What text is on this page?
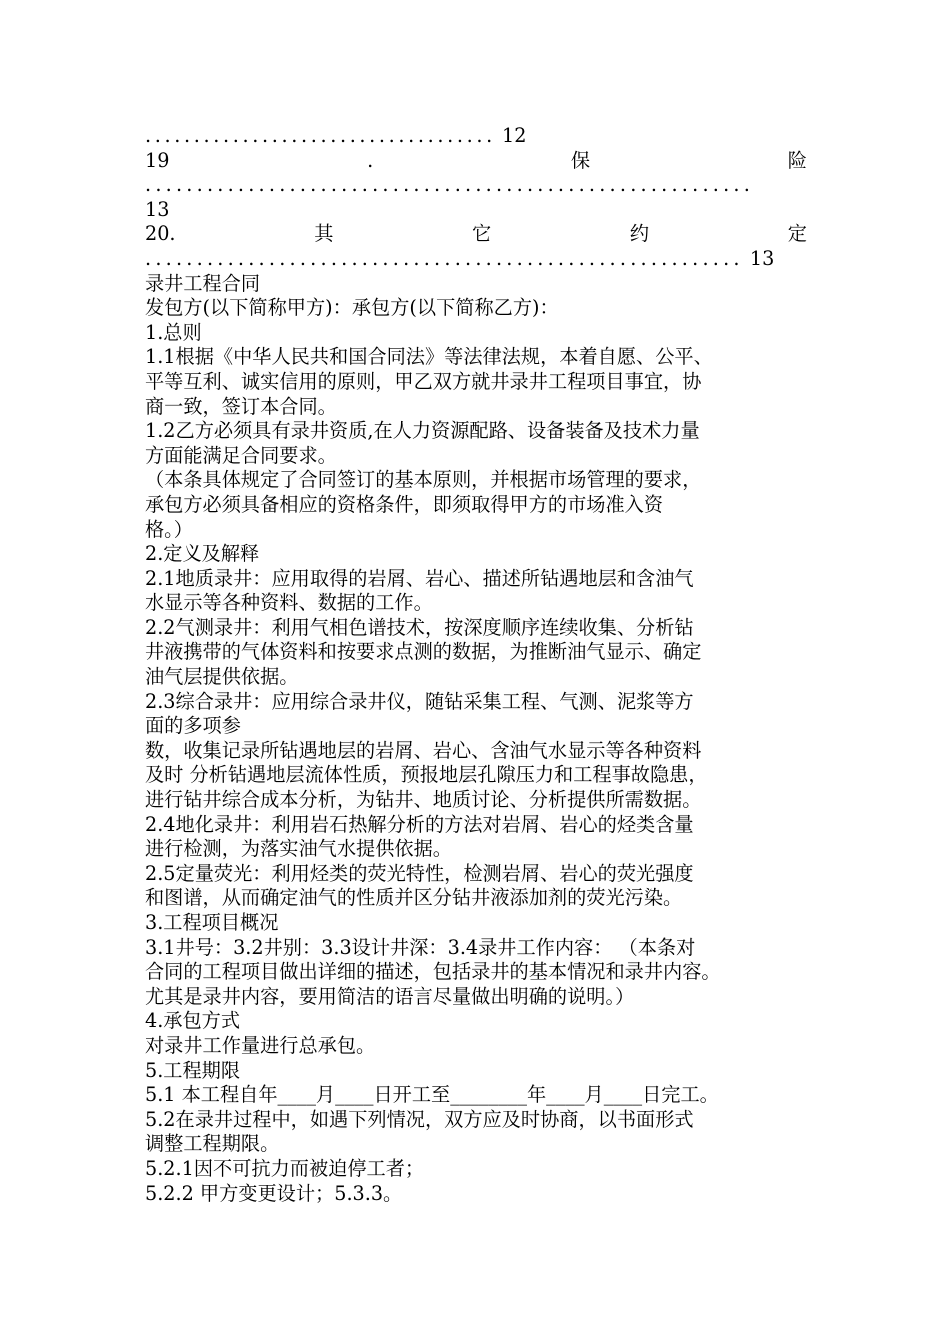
.................................... 12
19	.	保	险
...........................................................
13
20.	其	它	约	定
.......................................................... 13
录井工程合同
发包方(以下简称甲方)：承包方(以下简称乙方)：
1.总则
1.1根据《中华人民共和国合同法》等法律法规，本着自愿、公平、
平等互利、诚实信用的原则，甲乙双方就井录井工程项目事宜，协
商一致，签订本合同。
1.2乙方必须具有录井资质,在人力资源配路、设备装备及技术力量
方面能满足合同要求。
（本条具体规定了合同签订的基本原则，并根据市场管理的要求，
承包方必须具备相应的资格条件，即须取得甲方的市场准入资
格。）
2.定义及解释
2.1地质录井：应用取得的岩屑、岩心、描述所钻遇地层和含油气
水显示等各种资料、数据的工作。
2.2气测录井：利用气相色谱技术，按深度顺序连续收集、分析钻
井液携带的气体资料和按要求点测的数据，为推断油气显示、确定
油气层提供依据。
2.3综合录井：应用综合录井仪，随钻采集工程、气测、泥浆等方
面的多项参
数，收集记录所钻遇地层的岩屑、岩心、含油气水显示等各种资料
及时 分析钻遇地层流体性质，预报地层孔隙压力和工程事故隐患，
进行钻井综合成本分析，为钻井、地质讨论、分析提供所需数据。
2.4地化录井：利用岩石热解分析的方法对岩屑、岩心的烃类含量
进行检测，为落实油气水提供依据。
2.5定量荧光：利用烃类的荧光特性，检测岩屑、岩心的荧光强度
和图谱，从而确定油气的性质并区分钻井液添加剂的荧光污染。
3.工程项目概况
3.1井号：3.2井别：3.3设计井深：3.4录井工作内容： （本条对
合同的工程项目做出详细的描述，包括录井的基本情况和录井内容。
尤其是录井内容，要用简洁的语言尽量做出明确的说明。）
4.承包方式
对录井工作量进行总承包。
5.工程期限
5.1 本工程自年____月____日开工至________年____月____日完工。
5.2在录井过程中，如遇下列情况，双方应及时协商，以书面形式
调整工程期限。
5.2.1因不可抗力而被迫停工者；
5.2.2 甲方变更设计；5.3.3。
